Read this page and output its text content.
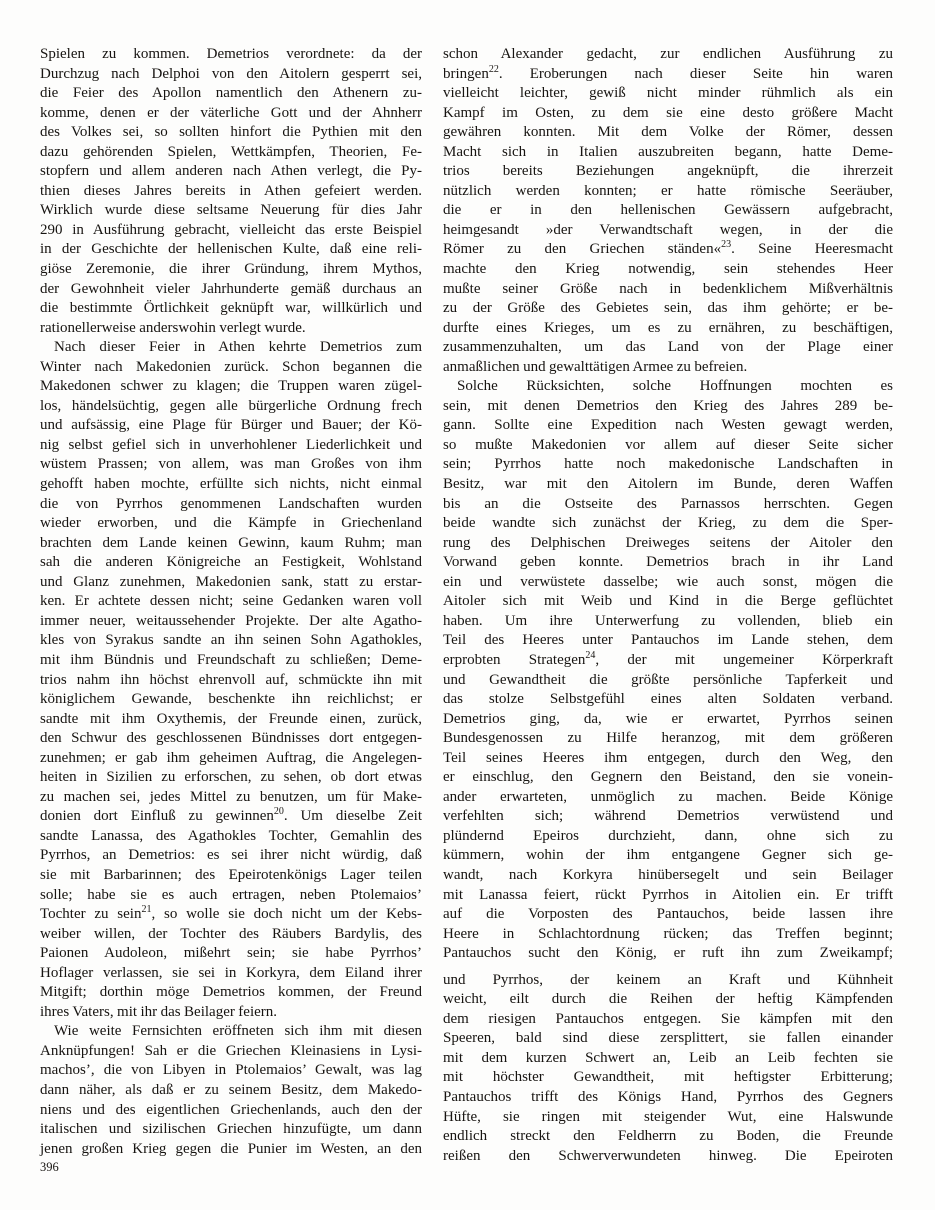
Spielen zu kommen. Demetrios verordnete: da der
Durchzug nach Delphoi von den Aitolern gesperrt sei,
die Feier des Apollon namentlich den Athenern zu-
komme, denen er der väterliche Gott und der Ahnherr
des Volkes sei, so sollten hinfort die Pythien mit den
dazu gehörenden Spielen, Wettkämpfen, Theorien, Fe-
stopfern und allem anderen nach Athen verlegt, die Py-
thien dieses Jahres bereits in Athen gefeiert werden.
Wirklich wurde diese seltsame Neuerung für dies Jahr
290 in Ausführung gebracht, vielleicht das erste Beispiel
in der Geschichte der hellenischen Kulte, daß eine reli-
giöse Zeremonie, die ihrer Gründung, ihrem Mythos,
der Gewohnheit vieler Jahrhunderte gemäß durchaus an
die bestimmte Örtlichkeit geknüpft war, willkürlich und
rationellerweise anderswohin verlegt wurde.
Nach dieser Feier in Athen kehrte Demetrios zum
Winter nach Makedonien zurück. Schon begannen die
Makedonen schwer zu klagen; die Truppen waren zügel-
los, händelsüchtig, gegen alle bürgerliche Ordnung frech
und aufsässig, eine Plage für Bürger und Bauer; der Kö-
nig selbst gefiel sich in unverhohlener Liederlichkeit und
wüstem Prassen; von allem, was man Großes von ihm
gehofft haben mochte, erfüllte sich nichts, nicht einmal
die von Pyrrhos genommenen Landschaften wurden
wieder erworben, und die Kämpfe in Griechenland
brachten dem Lande keinen Gewinn, kaum Ruhm; man
sah die anderen Königreiche an Festigkeit, Wohlstand
und Glanz zunehmen, Makedonien sank, statt zu erstar-
ken. Er achtete dessen nicht; seine Gedanken waren voll
immer neuer, weitaussehender Projekte. Der alte Agatho-
kles von Syrakus sandte an ihn seinen Sohn Agathokles,
mit ihm Bündnis und Freundschaft zu schließen; Deme-
trios nahm ihn höchst ehrenvoll auf, schmückte ihn mit
königlichem Gewande, beschenkte ihn reichlichst; er
sandte mit ihm Oxythemis, der Freunde einen, zurück,
den Schwur des geschlossenen Bündnisses dort entgegen-
zunehmen; er gab ihm geheimen Auftrag, die Angelegen-
heiten in Sizilien zu erforschen, zu sehen, ob dort etwas
zu machen sei, jedes Mittel zu benutzen, um für Make-
donien dort Einfluß zu gewinnen$^{20}$. Um dieselbe Zeit
sandte Lanassa, des Agathokles Tochter, Gemahlin des
Pyrrhos, an Demetrios: es sei ihrer nicht würdig, daß
sie mit Barbarinnen; des Epeirotenkönigs Lager teilen
solle; habe sie es auch ertragen, neben Ptolemaios’
Tochter zu sein$^{21}$, so wolle sie doch nicht um der Kebs-
weiber willen, der Tochter des Räubers Bardylis, des
Paionen Audoleon, mißehrt sein; sie habe Pyrrhos’
Hoflager verlassen, sie sei in Korkyra, dem Eiland ihrer
Mitgift; dorthin möge Demetrios kommen, der Freund
ihres Vaters, mit ihr das Beilager feiern.
Wie weite Fernsichten eröffneten sich ihm mit diesen
Anknüpfungen! Sah er die Griechen Kleinasiens in Lysi-
machos’, die von Libyen in Ptolemaios’ Gewalt, was lag
dann näher, als daß er zu seinem Besitz, dem Makedo-
niens und des eigentlichen Griechenlands, auch den der
italischen und sizilischen Griechen hinzufügte, um dann
jenen großen Krieg gegen die Punier im Westen, an den
schon Alexander gedacht, zur endlichen Ausführung zu
bringen$^{22}$. Eroberungen nach dieser Seite hin waren
vielleicht leichter, gewiß nicht minder rühmlich als ein
Kampf im Osten, zu dem sie eine desto größere Macht
gewähren konnten. Mit dem Volke der Römer, dessen
Macht sich in Italien auszubreiten begann, hatte Deme-
trios bereits Beziehungen angeknüpft, die ihrerzeit
nützlich werden konnten; er hatte römische Seeräuber,
die er in den hellenischen Gewässern aufgebracht,
heimgesandt »der Verwandtschaft wegen, in der die
Römer zu den Griechen ständen«$^{23}$. Seine Heeresmacht
machte den Krieg notwendig, sein stehendes Heer
mußte seiner Größe nach in bedenklichem Mißverhältnis
zu der Größe des Gebietes sein, das ihm gehörte; er be-
durfte eines Krieges, um es zu ernähren, zu beschäftigen,
zusammenzuhalten, um das Land von der Plage einer
anmaßlichen und gewalttätigen Armee zu befreien.
Solche Rücksichten, solche Hoffnungen mochten es
sein, mit denen Demetrios den Krieg des Jahres 289 be-
gann. Sollte eine Expedition nach Westen gewagt werden,
so mußte Makedonien vor allem auf dieser Seite sicher
sein; Pyrrhos hatte noch makedonische Landschaften in
Besitz, war mit den Aitolern im Bunde, deren Waffen
bis an die Ostseite des Parnassos herrschten. Gegen
beide wandte sich zunächst der Krieg, zu dem die Sper-
rung des Delphischen Dreiweges seitens der Aitoler den
Vorwand geben konnte. Demetrios brach in ihr Land
ein und verwüstete dasselbe; wie auch sonst, mögen die
Aitoler sich mit Weib und Kind in die Berge geflüchtet
haben. Um ihre Unterwerfung zu vollenden, blieb ein
Teil des Heeres unter Pantauchos im Lande stehen, dem
erprobten Strategen$^{24}$, der mit ungemeiner Körperkraft
und Gewandtheit die größte persönliche Tapferkeit und
das stolze Selbstgefühl eines alten Soldaten verband.
Demetrios ging, da, wie er erwartet, Pyrrhos seinen
Bundesgenossen zu Hilfe heranzog, mit dem größeren
Teil seines Heeres ihm entgegen, durch den Weg, den
er einschlug, den Gegnern den Beistand, den sie vonein-
ander erwarteten, unmöglich zu machen. Beide Könige
verfehlten sich; während Demetrios verwüstend und
plündernd Epeiros durchzieht, dann, ohne sich zu
kümmern, wohin der ihm entgangene Gegner sich ge-
wandt, nach Korkyra hinübersegelt und sein Beilager
mit Lanassa feiert, rückt Pyrrhos in Aitolien ein. Er trifft
auf die Vorposten des Pantauchos, beide lassen ihre
Heere in Schlachtordnung rücken; das Treffen beginnt;
Pantauchos sucht den König, er ruft ihn zum Zweikampf;
und Pyrrhos, der keinem an Kraft und Kühnheit
weicht, eilt durch die Reihen der heftig Kämpfenden
dem riesigen Pantauchos entgegen. Sie kämpfen mit den
Speeren, bald sind diese zersplittert, sie fallen einander
mit dem kurzen Schwert an, Leib an Leib fechten sie
mit höchster Gewandtheit, mit heftigster Erbitterung;
Pantauchos trifft des Königs Hand, Pyrrhos des Gegners
Hüfte, sie ringen mit steigender Wut, eine Halswunde
endlich streckt den Feldherrn zu Boden, die Freunde
reißen den Schwerverwundeten hinweg. Die Epeiroten
396
